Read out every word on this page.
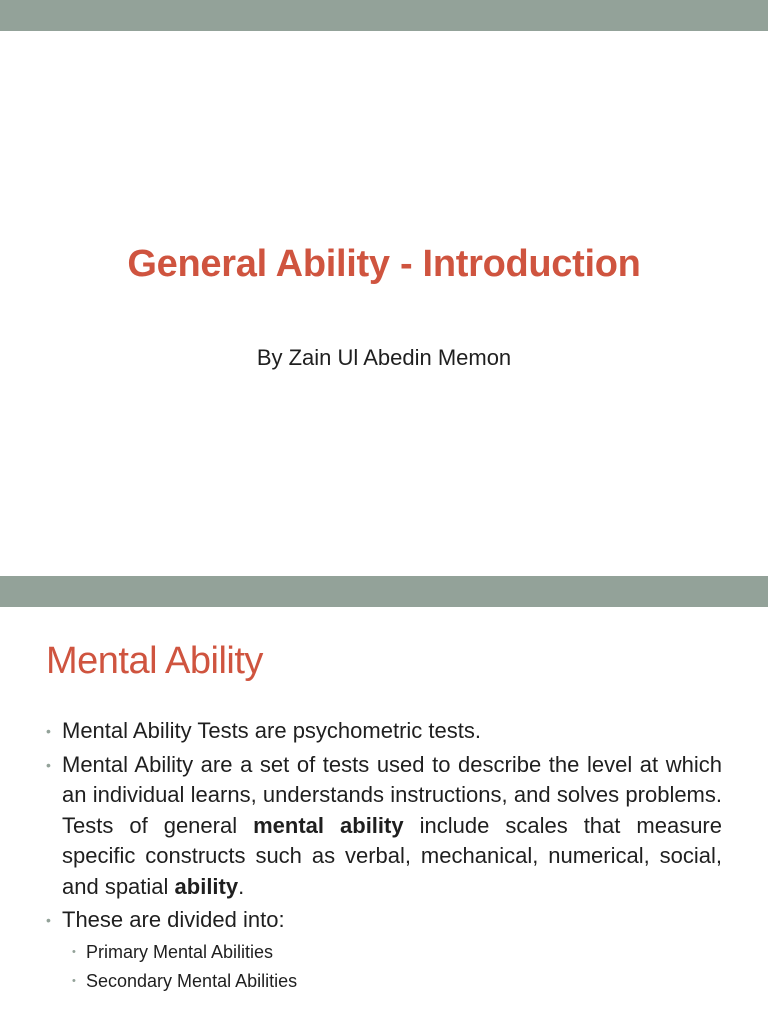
General Ability - Introduction

By Zain Ul Abedin Memon

Mental Ability
• Mental Ability Tests are psychometric tests.
• Mental Ability are a set of tests used to describe the level at which an individual learns, understands instructions, and solves problems. Tests of general mental ability include scales that measure specific constructs such as verbal, mechanical, numerical, social, and spatial ability.
• These are divided into:
• Primary Mental Abilities
• Secondary Mental Abilities
